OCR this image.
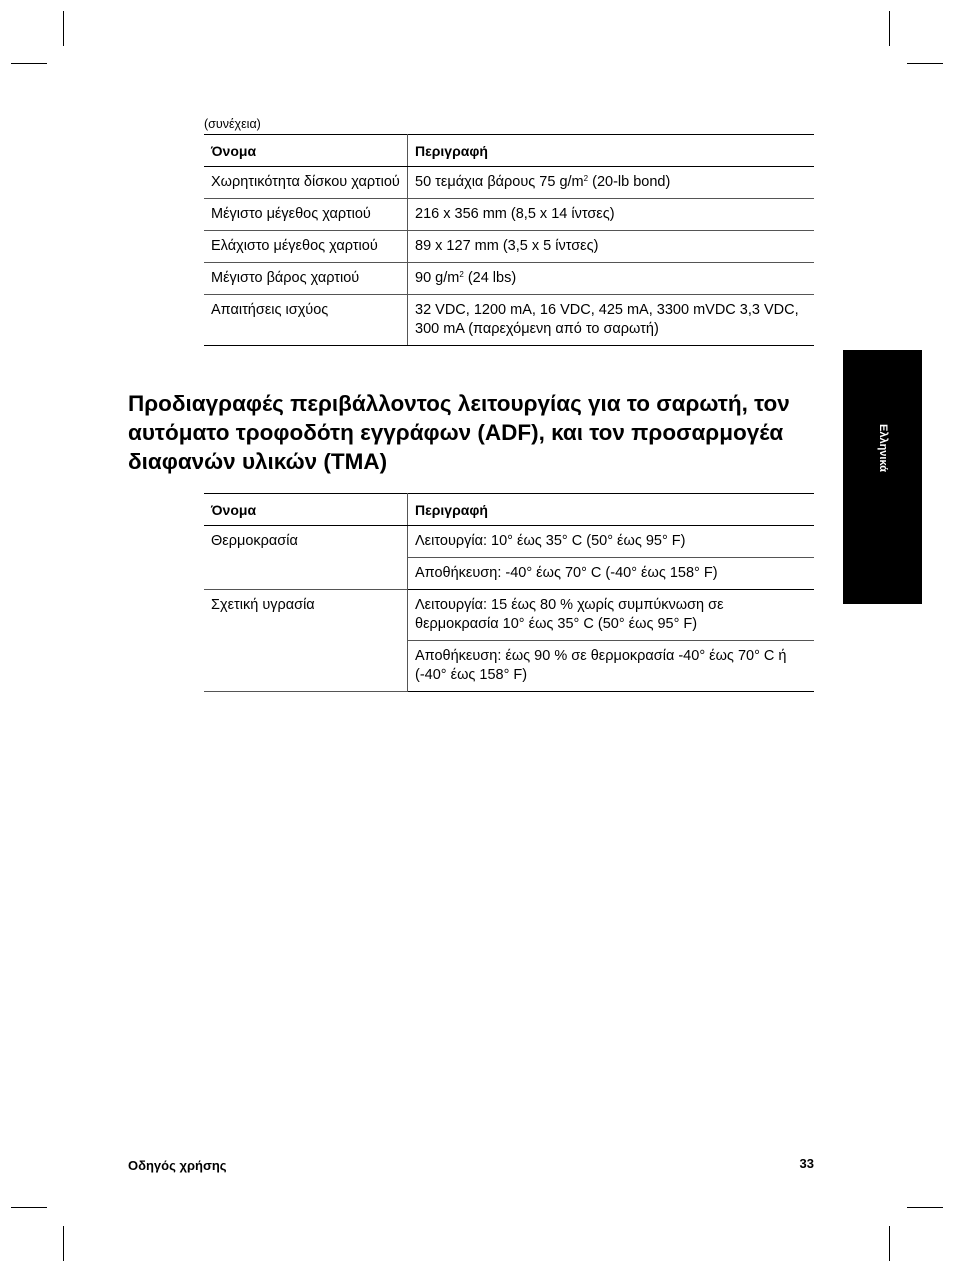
(συνέχεια)
Όνομα	Περιγραφή
Χωρητικότητα δίσκου χαρτιού	50 τεμάχια βάρους 75 $g/m^2$ (20-lb bond)
Μέγιστο μέγεθος χαρτιού	216 x 356 mm (8,5 x 14 ίντσες)
Ελάχιστο μέγεθος χαρτιού	89 x 127 mm (3,5 x 5 ίντσες)
Μέγιστο βάρος χαρτιού	90 $g/m^2$ (24 lbs)
Απαιτήσεις ισχύος	32 VDC, 1200 mA, 16 VDC, 425 mA, 3300 mVDC 3,3 VDC, 300 mA (παρεχόμενη από το σαρωτή)
Προδιαγραφές περιβάλλοντος λειτουργίας για το σαρωτή, τον αυτόματο τροφοδότη εγγράφων (ADF), και τον προσαρμογέα διαφανών υλικών (TMA)
Όνομα	Περιγραφή
Θερμοκρασία	Λειτουργία: 10° έως 35° C (50° έως 95° F)
	Αποθήκευση: -40° έως 70° C (-40° έως 158° F)
Σχετική υγρασία	Λειτουργία: 15 έως 80 % χωρίς συμπύκνωση σε θερμοκρασία 10° έως 35° C (50° έως 95° F)
	Αποθήκευση: έως 90 % σε θερμοκρασία -40° έως 70° C ή (-40° έως 158° F)
Ελληνικά
Οδηγός χρήσης	33
